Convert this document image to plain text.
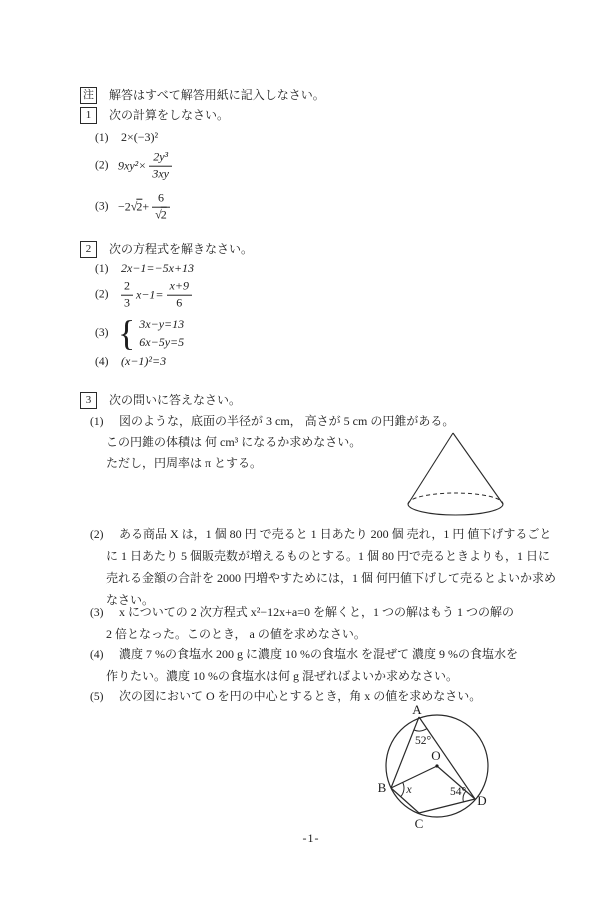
注 解答はすべて解答用紙に記入しなさい。
1 次の計算をしなさい。
(1) 2×(−3)²
(2) $9xy^2\times \frac{\text{2y³}}{3xy}$
(3) −2 $√2 + \frac{6}{√2}$
2 次の方程式を解きなさい。
(1) 2x−1=−5x+13
(2)	$\frac{2}{3} x-1= \frac{x+9}{6}$
(3) { 3x−y=13
6x−5y=5
(4) (x−1)²=3
3 次の問いに答えなさい。
(1) 図のような，底面の半径が 3 cm， 高さが 5 cm の円錐がある。
この円錐の体積は 何 cm³ になるか求めなさい。
ただし，円周率は π とする。
(2) ある商品 X は，1 個 80 円 で売ると 1 日あたり 200 個 売れ，1 円 値下げするごと
に 1 日あたり 5 個販売数が増えるものとする。1 個 80 円で売るときよりも，1 日に
売れる金額の合計を 2000 円増やすためには，1 個 何円値下げして売るとよいか求め
なさい。
(3) x についての 2 次方程式 x²−12x+a=0 を解くと，1 つの解はもう 1 つの解の
2 倍となった。このとき， a の値を求めなさい。
(4) 濃度 7 %の食塩水 200 g に濃度 10 %の食塩水 を混ぜて 濃度 9 %の食塩水を
作りたい。濃度 10 %の食塩水は何 g 混ぜればよいか求めなさい。
(5) 次の図において O を円の中心とするとき，角 x の値を求めなさい。
A
B
C
D
O
52°
x	54°
-1-
